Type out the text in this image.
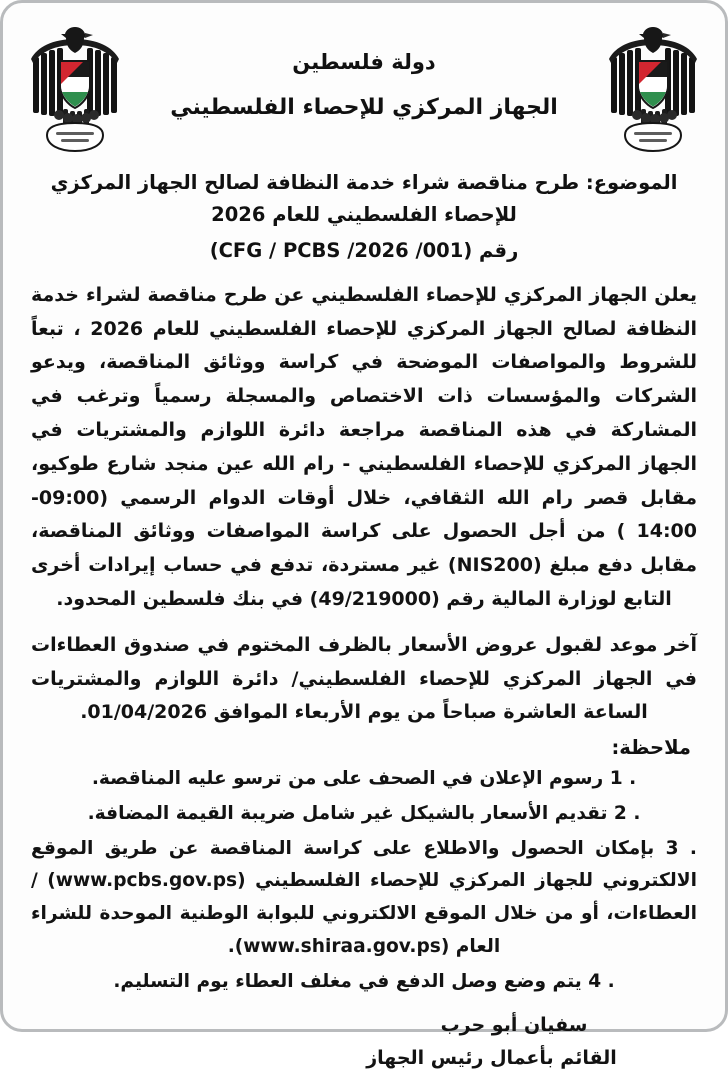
دولة فلسطين
الجهاز المركزي للإحصاء الفلسطيني
الموضوع: طرح مناقصة شراء خدمة النظافة لصالح الجهاز المركزي للإحصاء الفلسطيني للعام 2026
رقم (001/ 2026/ CFG / PCBS)

يعلن الجهاز المركزي للإحصاء الفلسطيني عن طرح مناقصة لشراء خدمة النظافة لصالح الجهاز المركزي للإحصاء الفلسطيني للعام 2026 ، تبعاً للشروط والمواصفات الموضحة في كراسة ووثائق المناقصة، ويدعو الشركات والمؤسسات ذات الاختصاص والمسجلة رسمياً وترغب في المشاركة في هذه المناقصة مراجعة دائرة اللوازم والمشتريات في الجهاز المركزي للإحصاء الفلسطيني - رام الله عين منجد شارع طوكيو، مقابل قصر رام الله الثقافي، خلال أوقات الدوام الرسمي (09:00-14:00 ) من أجل الحصول على كراسة المواصفات ووثائق المناقصة، مقابل دفع مبلغ (NIS200) غير مستردة، تدفع في حساب إيرادات أخرى التابع لوزارة المالية رقم (49/219000) في بنك فلسطين المحدود.

آخر موعد لقبول عروض الأسعار بالظرف المختوم في صندوق العطاءات في الجهاز المركزي للإحصاء الفلسطيني/ دائرة اللوازم والمشتريات الساعة العاشرة صباحاً من يوم الأربعاء الموافق 01/04/2026.

ملاحظة:
1 . رسوم الإعلان في الصحف على من ترسو عليه المناقصة.
2 . تقديم الأسعار بالشيكل غير شامل ضريبة القيمة المضافة.
3 . بإمكان الحصول والاطلاع على كراسة المناقصة عن طريق الموقع الالكتروني للجهاز المركزي للإحصاء الفلسطيني (www.pcbs.gov.ps) / العطاءات، أو من خلال الموقع الالكتروني للبوابة الوطنية الموحدة للشراء العام (www.shiraa.gov.ps).
4 . يتم وضع وصل الدفع في مغلف العطاء يوم التسليم.
سفيان أبو حرب
القائم بأعمال رئيس الجهاز
